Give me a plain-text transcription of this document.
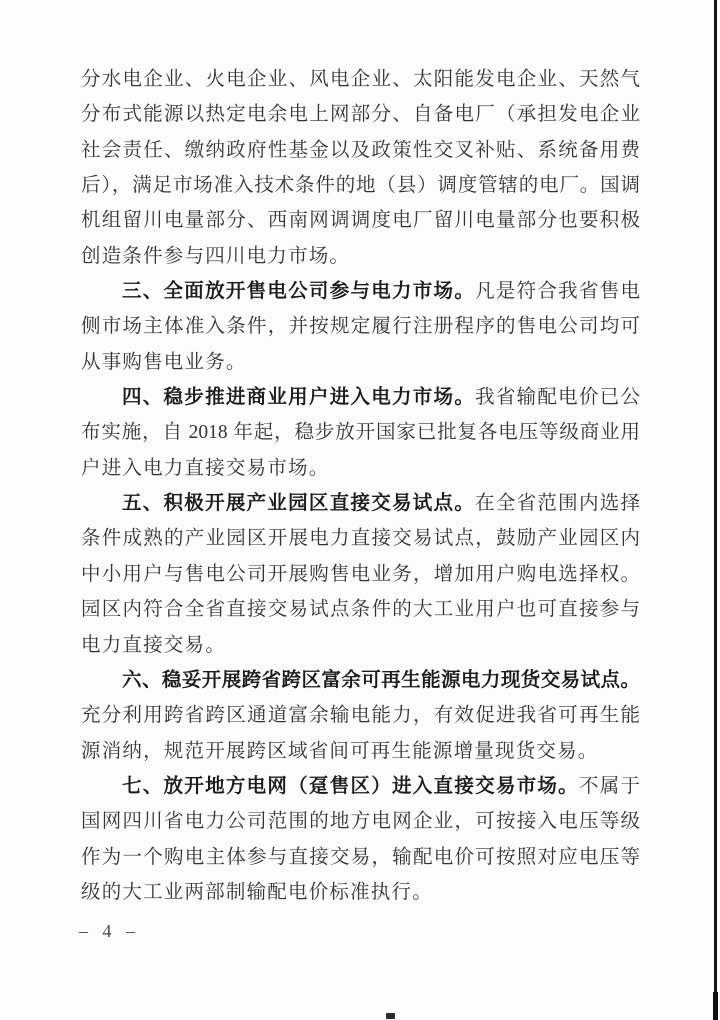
分水电企业、火电企业、风电企业、太阳能发电企业、天然气
分布式能源以热定电余电上网部分、自备电厂（承担发电企业
社会责任、缴纳政府性基金以及政策性交叉补贴、系统备用费
后），满足市场准入技术条件的地（县）调度管辖的电厂。国调
机组留川电量部分、西南网调调度电厂留川电量部分也要积极
创造条件参与四川电力市场。
三、全面放开售电公司参与电力市场。凡是符合我省售电
侧市场主体准入条件，并按规定履行注册程序的售电公司均可
从事购售电业务。
四、稳步推进商业用户进入电力市场。我省输配电价已公
布实施，自 2018 年起，稳步放开国家已批复各电压等级商业用
户进入电力直接交易市场。
五、积极开展产业园区直接交易试点。在全省范围内选择
条件成熟的产业园区开展电力直接交易试点，鼓励产业园区内
中小用户与售电公司开展购售电业务，增加用户购电选择权。
园区内符合全省直接交易试点条件的大工业用户也可直接参与
电力直接交易。
六、稳妥开展跨省跨区富余可再生能源电力现货交易试点。
充分利用跨省跨区通道富余输电能力，有效促进我省可再生能
源消纳，规范开展跨区域省间可再生能源增量现货交易。
七、放开地方电网（趸售区）进入直接交易市场。不属于
国网四川省电力公司范围的地方电网企业，可按接入电压等级
作为一个购电主体参与直接交易，输配电价可按照对应电压等
级的大工业两部制输配电价标准执行。
– 4 –
